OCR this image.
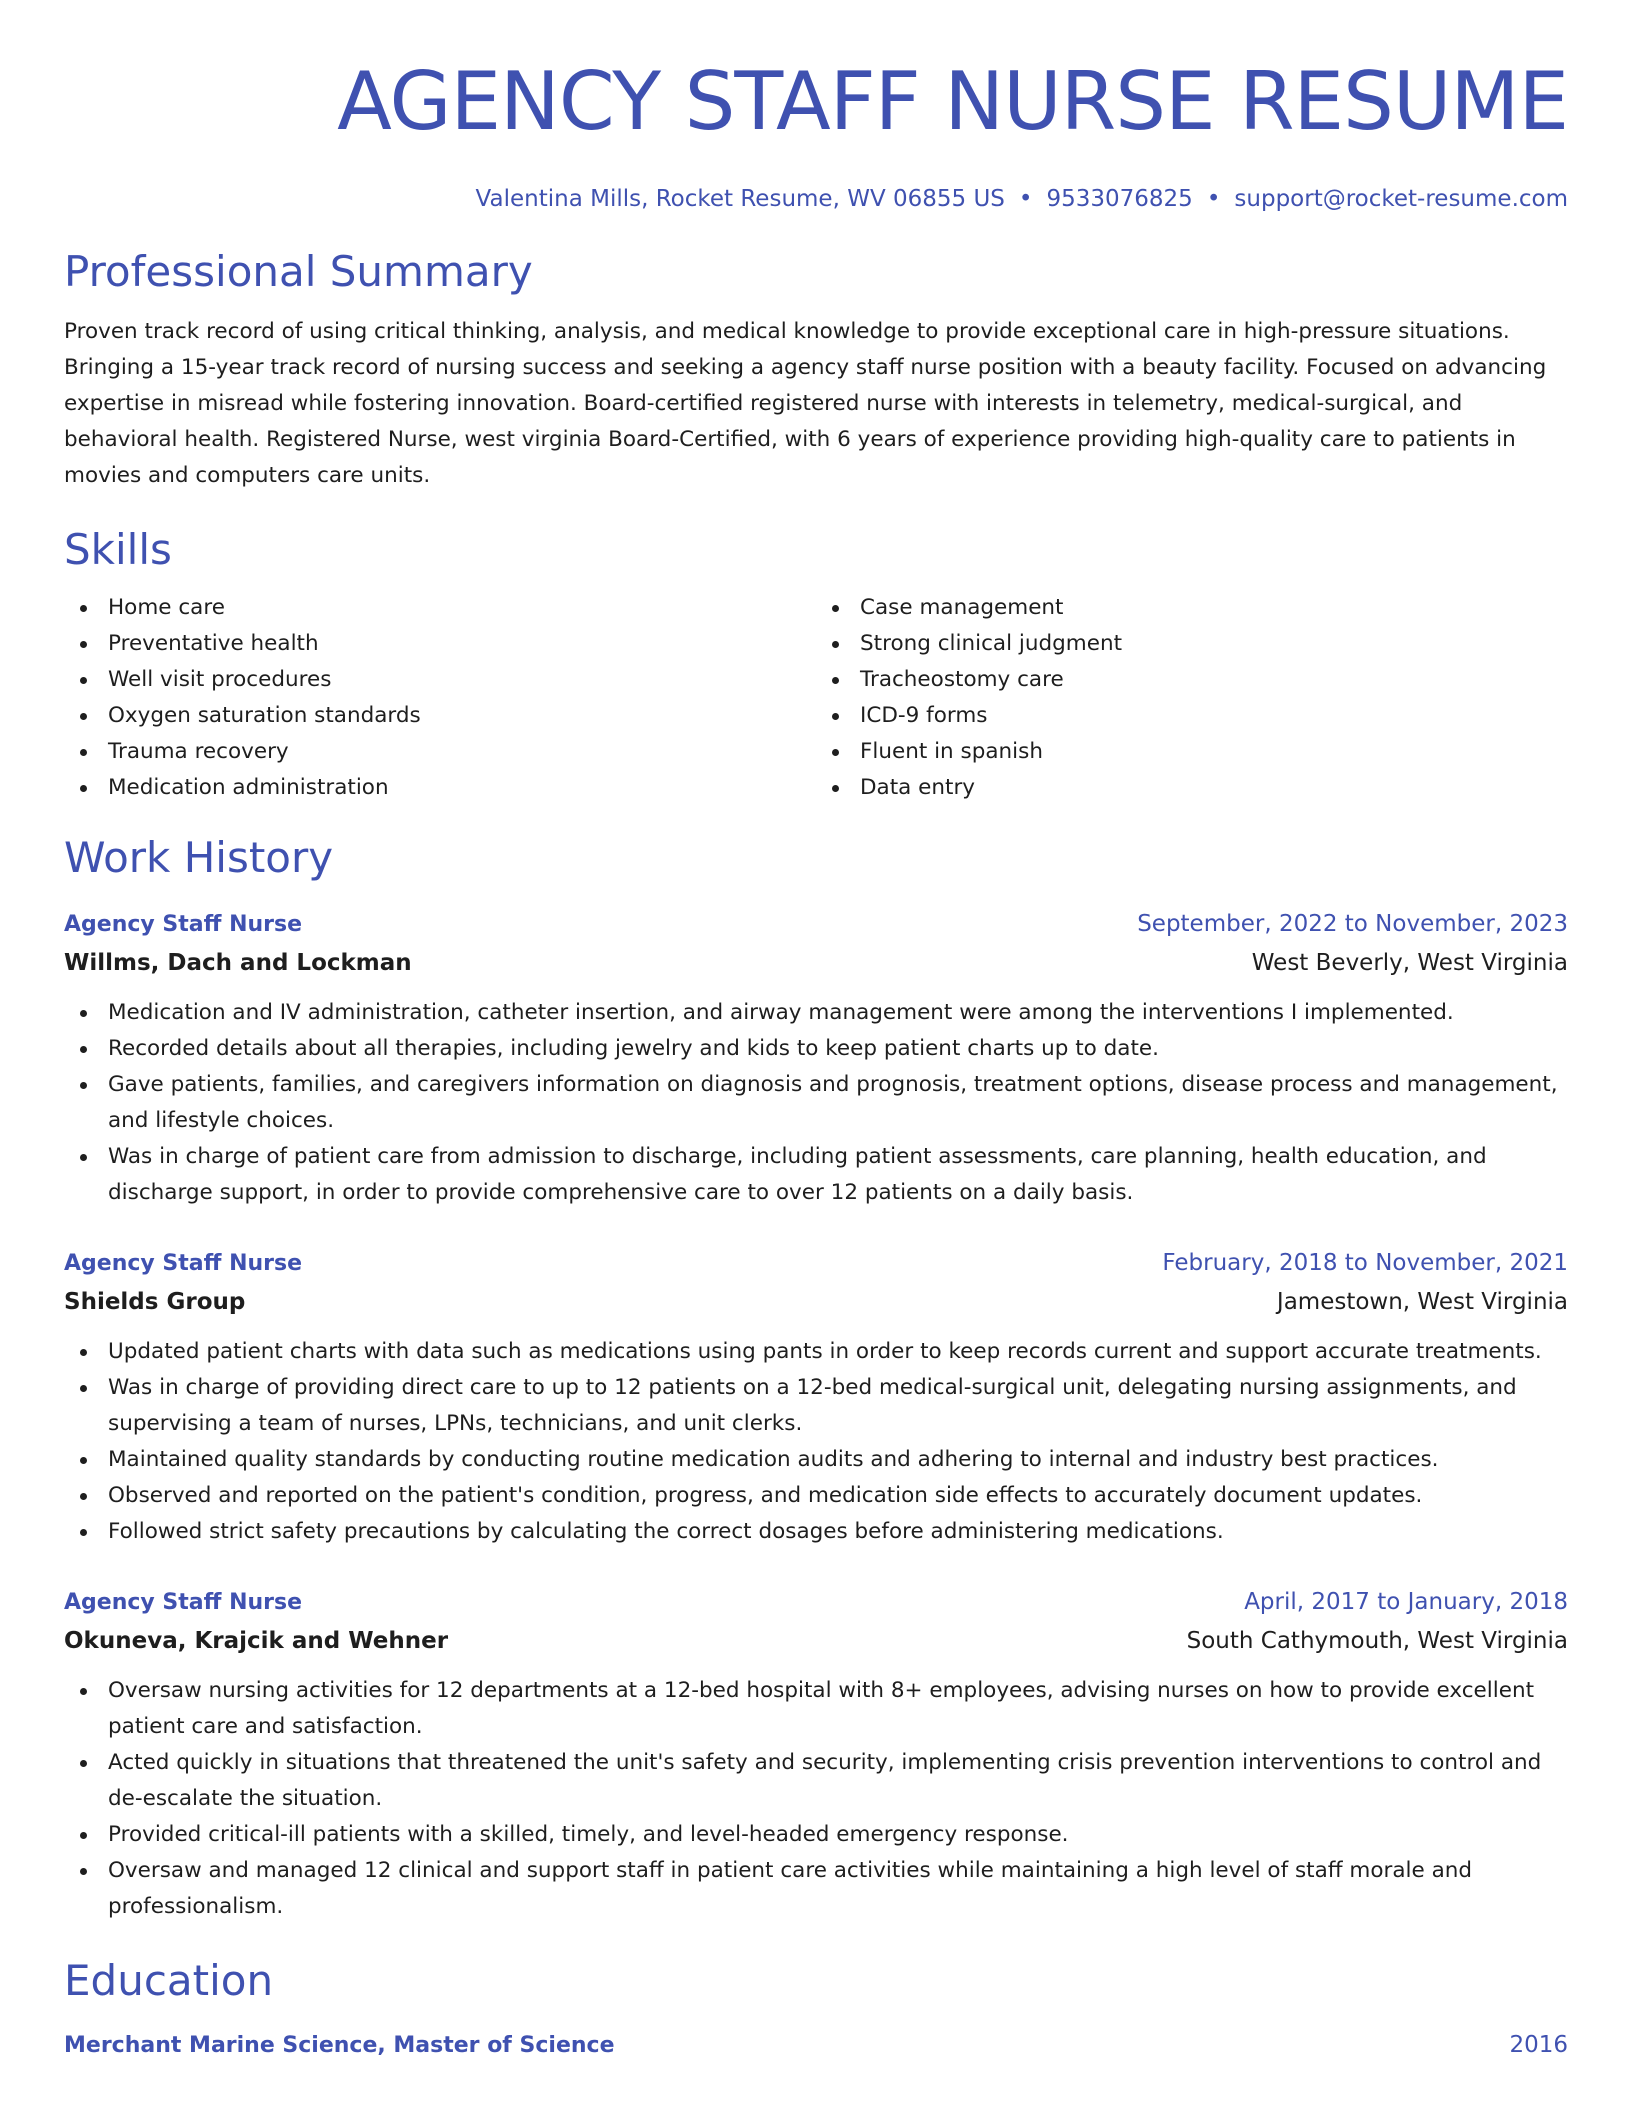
AGENCY STAFF NURSE RESUME
Valentina Mills, Rocket Resume, WV 06855 US • 9533076825 • support@rocket-resume.com
Professional Summary

Proven track record of using critical thinking, analysis, and medical knowledge to provide exceptional care in high-pressure situations. Bringing a 15-year track record of nursing success and seeking a agency staff nurse position with a beauty facility. Focused on advancing expertise in misread while fostering innovation. Board-certified registered nurse with interests in telemetry, medical-surgical, and behavioral health. Registered Nurse, west virginia Board-Certified, with 6 years of experience providing high-quality care to patients in movies and computers care units.

Skills
Home care
Preventative health
Well visit procedures
Oxygen saturation standards
Trauma recovery
Medication administration
Case management
Strong clinical judgment
Tracheostomy care
ICD-9 forms
Fluent in spanish
Data entry
Work History
Agency Staff Nurse	September, 2022 to November, 2023
Willms, Dach and Lockman	West Beverly, West Virginia
Medication and IV administration, catheter insertion, and airway management were among the interventions I implemented.
Recorded details about all therapies, including jewelry and kids to keep patient charts up to date.
Gave patients, families, and caregivers information on diagnosis and prognosis, treatment options, disease process and management, and lifestyle choices.
Was in charge of patient care from admission to discharge, including patient assessments, care planning, health education, and discharge support, in order to provide comprehensive care to over 12 patients on a daily basis.
Agency Staff Nurse	February, 2018 to November, 2021
Shields Group	Jamestown, West Virginia
Updated patient charts with data such as medications using pants in order to keep records current and support accurate treatments.
Was in charge of providing direct care to up to 12 patients on a 12-bed medical-surgical unit, delegating nursing assignments, and supervising a team of nurses, LPNs, technicians, and unit clerks.
Maintained quality standards by conducting routine medication audits and adhering to internal and industry best practices.
Observed and reported on the patient's condition, progress, and medication side effects to accurately document updates.
Followed strict safety precautions by calculating the correct dosages before administering medications.
Agency Staff Nurse	April, 2017 to January, 2018
Okuneva, Krajcik and Wehner	South Cathymouth, West Virginia
Oversaw nursing activities for 12 departments at a 12-bed hospital with 8+ employees, advising nurses on how to provide excellent patient care and satisfaction.
Acted quickly in situations that threatened the unit's safety and security, implementing crisis prevention interventions to control and de-escalate the situation.
Provided critical-ill patients with a skilled, timely, and level-headed emergency response.
Oversaw and managed 12 clinical and support staff in patient care activities while maintaining a high level of staff morale and professionalism.
Education
Merchant Marine Science, Master of Science	2016
